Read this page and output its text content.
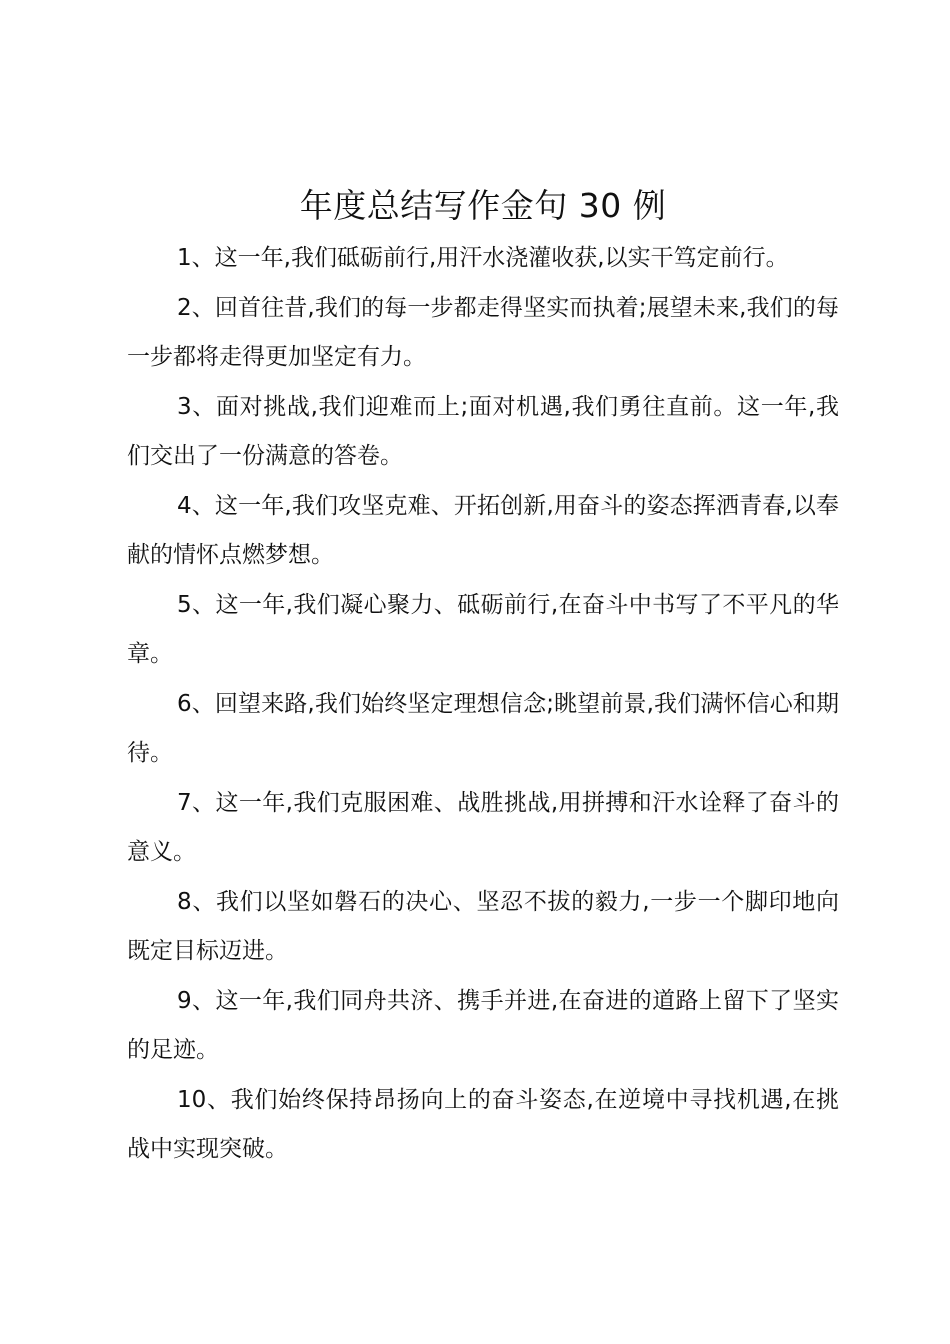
年度总结写作金句 30 例

1、这一年,我们砥砺前行,用汗水浇灌收获,以实干笃定前行。

2、回首往昔,我们的每一步都走得坚实而执着;展望未来,我们的每一步都将走得更加坚定有力。

3、面对挑战,我们迎难而上;面对机遇,我们勇往直前。这一年,我们交出了一份满意的答卷。

4、这一年,我们攻坚克难、开拓创新,用奋斗的姿态挥洒青春,以奉献的情怀点燃梦想。

5、这一年,我们凝心聚力、砥砺前行,在奋斗中书写了不平凡的华章。

6、回望来路,我们始终坚定理想信念;眺望前景,我们满怀信心和期待。

7、这一年,我们克服困难、战胜挑战,用拼搏和汗水诠释了奋斗的意义。

8、我们以坚如磐石的决心、坚忍不拔的毅力,一步一个脚印地向既定目标迈进。

9、这一年,我们同舟共济、携手并进,在奋进的道路上留下了坚实的足迹。

10、我们始终保持昂扬向上的奋斗姿态,在逆境中寻找机遇,在挑战中实现突破。
